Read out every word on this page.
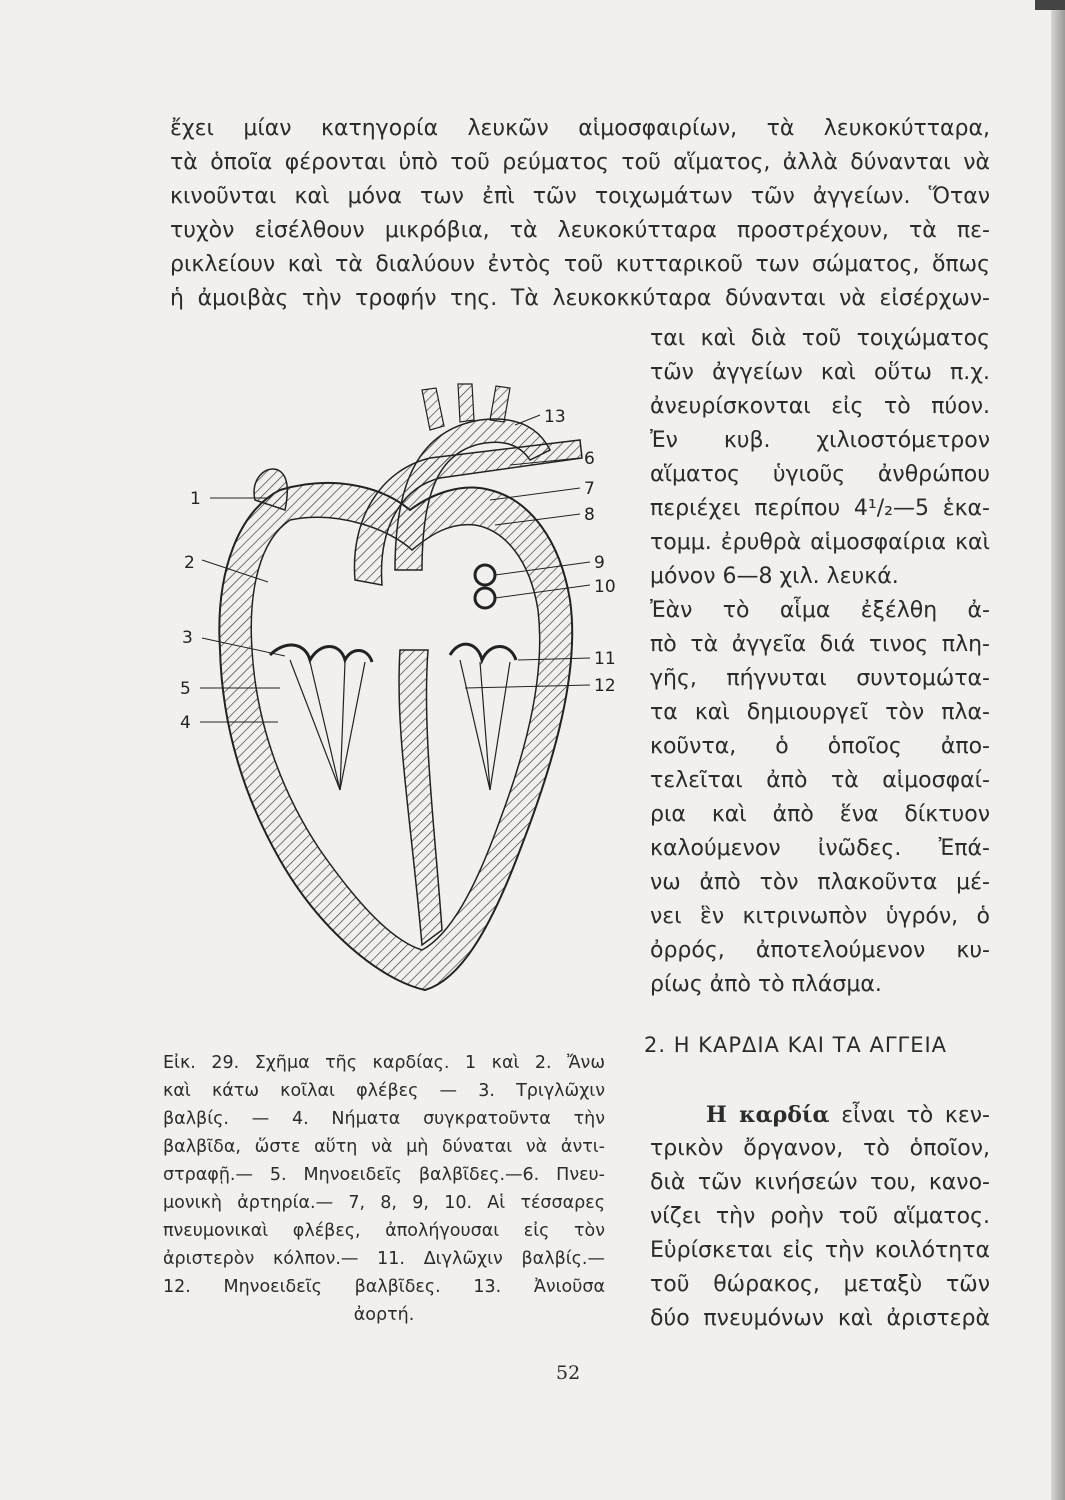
ἔχει μίαν κατηγορία λευκῶν αἱμοσφαιρίων, τὰ λευκοκύτταρα,
τὰ ὁποῖα φέρονται ὑπὸ τοῦ ρεύματος τοῦ αἵματος, ἀλλὰ δύνανται νὰ
κινοῦνται καὶ μόνα των ἐπὶ τῶν τοιχωμάτων τῶν ἀγγείων. Ὅταν
τυχὸν εἰσέλθουν μικρόβια, τὰ λευκοκύτταρα προστρέχουν, τὰ πε-
ρικλείουν καὶ τὰ διαλύουν ἐντὸς τοῦ κυτταρικοῦ των σώματος, ὅπως
ἡ ἀμοιβὰς τὴν τροφήν της. Τὰ λευκοκκύταρα δύνανται νὰ εἰσέρχων-
ται καὶ διὰ τοῦ τοιχώματος
τῶν ἀγγείων καὶ οὕτω π.χ.
ἀνευρίσκονται εἰς τὸ πύον.
Ἐν κυβ. χιλιοστόμετρον
αἵματος ὑγιοῦς ἀνθρώπου
περιέχει περίπου 4¹/₂—5 ἑκα-
τομμ. ἐρυθρὰ αἱμοσφαίρια καὶ
μόνον 6—8 χιλ. λευκά.
Ἐὰν τὸ αἷμα ἐξέλθη ἀ-
πὸ τὰ ἀγγεῖα διά τινος πλη-
γῆς, πήγνυται συντομώτα-
τα καὶ δημιουργεῖ τὸν πλα-
κοῦντα, ὁ ὁποῖος ἀπο-
τελεῖται ἀπὸ τὰ αἱμοσφαί-
ρια καὶ ἀπὸ ἕνα δίκτυον
καλούμενον ἰνῶδες. Ἐπά-
νω ἀπὸ τὸν πλακοῦντα μέ-
νει ἓν κιτρινωπὸν ὑγρόν, ὁ
ὀρρός, ἀποτελούμενον κυ-
ρίως ἀπὸ τὸ πλάσμα.
2. Η ΚΑΡΔΙΑ ΚΑΙ ΤΑ ΑΓΓΕΙΑ
Η καρδία εἶναι τὸ κεν-
τρικὸν ὄργανον, τὸ ὁποῖον,
διὰ τῶν κινήσεών του, κανο-
νίζει τὴν ροὴν τοῦ αἵματος.
Εὑρίσκεται εἰς τὴν κοιλότητα
τοῦ θώρακος, μεταξὺ τῶν
δύο πνευμόνων καὶ ἀριστερὰ
1
2
3
5
4
13
6
7
8
9
10
11
12
Εἰκ. 29. Σχῆμα τῆς καρδίας. 1 καὶ 2. Ἄνω
καὶ κάτω κοῖλαι φλέβες — 3. Τριγλῶχιν
βαλβίς. — 4. Νήματα συγκρατοῦντα τὴν
βαλβῖδα, ὥστε αὕτη νὰ μὴ δύναται νὰ ἀντι-
στραφῇ.— 5. Μηνοειδεῖς βαλβῖδες.—6. Πνευ-
μονικὴ ἀρτηρία.— 7, 8, 9, 10. Αἱ τέσσαρες
πνευμονικαὶ φλέβες, ἀπολήγουσαι εἰς τὸν
ἀριστερὸν κόλπον.— 11. Διγλῶχιν βαλβίς.—
12. Μηνοειδεῖς βαλβῖδες. 13. Ἀνιοῦσα
ἀορτή.
52
